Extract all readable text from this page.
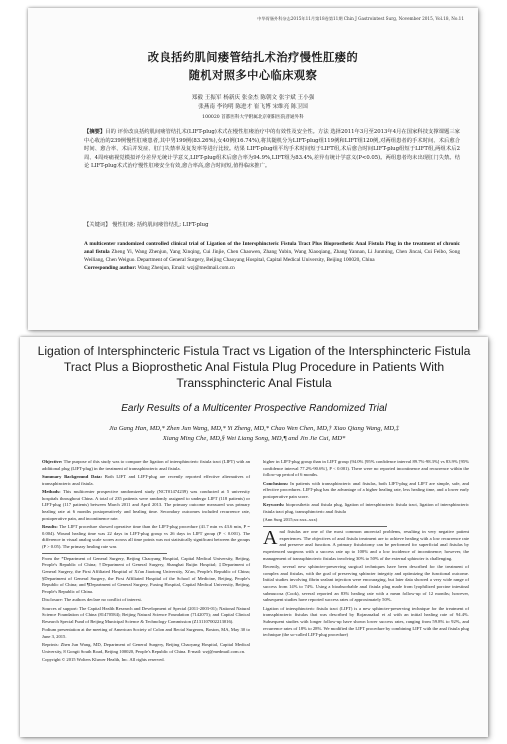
中华胃肠外科杂志2015年11月第18卷第11期 Chin J Gastrointest Surg, November 2015, Vol.18, No.11
改良括约肌间瘘管结扎术治疗慢性肛瘘的
随机对照多中心临床观察
郑毅 王振军 杨新庆 张金杰 陈朝文 张宇斌 王小强
张燕南 李钧明 陈进才 崔飞博 宋维亮 陈卫国
100020 首都医科大学附属北京朝阳医院普通外科
【摘要】目的 评价改良括约肌间瘘管结扎术(LIFT-plug)术式在慢性肛瘘治疗中的有效性及安全性。方法 选择2011年3月至2013年4月在国家科技支撑课题三家中心收治的239例慢性肛瘘患者,其中男199例(83.26%),女40例(16.74%),将其随机分为LIFT-plug组119例和LIFT组120例,对两组患者的手术时间、术后愈合时间、愈合率、术后并发症、肛门失禁率及复发率等进行比较。结果 LIFT-plug组平均手术时间短于LIFT组,术后愈合时间LIFT-plug组短于LIFT组,两组术后2周、4周疼痛视觉模拟评分差异无统计学意义,LIFT-plug组术后愈合率为94.9%,LIFT组为83.4%,差异有统计学意义(P<0.05)。两组患者均未出现肛门失禁。结论 LIFT-plug术式治疗慢性肛瘘安全有效,愈合率高,愈合时间短,值得临床推广。
【关键词】 慢性肛瘘; 括约肌间瘘管结扎; LIFT-plug
A multicenter randomized controlled clinical trial of Ligation of the Intersphincteric Fistula Tract Plus Bioprosthetic Anal Fistula Plug in the treatment of chronic anal fistula Zheng Yi, Wang Zhenjun, Yang Xinqing, Cui Jinjie, Chen Chaowen, Zhang Yubin, Wang Xiaoqiang, Zhang Yannan, Li Junming, Chen Jincai, Cui Feibo, Song Weiliang, Chen Weiguo. Department of General Surgery, Beijing Chaoyang Hospital, Capital Medical University, Beijing 100020, China
Corresponding author: Wang Zhenjun, Email: wzj@medmail.com.cn
Ligation of Intersphincteric Fistula Tract vs Ligation of the Intersphincteric Fistula Tract Plus a Bioprosthetic Anal Fistula Plug Procedure in Patients With Transsphincteric Anal Fistula
Early Results of a Multicenter Prospective Randomized Trial
Jia Gang Han, MD,* Zhen Jun Wang, MD,* Yi Zheng, MD,* Chao Wen Chen, MD,† Xiao Qiang Wang, MD,‡
Xiang Ming Che, MD,§ Wei Liang Song, MD,¶ and Jin Jie Cui, MD*

Objective: The purpose of this study was to compare the ligation of intersphincteric fistula tract (LIFT) with an additional plug (LIFT-plug) in the treatment of transsphincteric anal fistula.

Summary Background Data: Both LIFT and LIFT-plug are recently reported effective alternatives of transsphincteric anal fistula.

Methods: This multicenter prospective randomized study (NCT01474239) was conducted at 5 university hospitals throughout China. A total of 235 patients were randomly assigned to undergo LIFT (118 patients) or LIFT-plug (117 patients) between March 2011 and April 2013. The primary outcome measured was primary healing rate at 6 months postoperatively and healing time. Secondary outcomes included recurrence rate, postoperative pain, and incontinence rate.

Results: The LIFT procedure showed operative time than the LIFT-plug procedure (41.7 min vs 43.6 min, P = 0.004). Wound healing time was 22 days in LIFT-plug group vs 26 days in LIFT group (P < 0.001). The difference in visual analog scale scores across all time points was not statistically significant between the groups (P > 0.05). The primary healing rate was

From the *Department of General Surgery, Beijing Chaoyang Hospital, Capital Medical University, Beijing, People's Republic of China; †Department of General Surgery, Shanghai Ruijin Hospital; ‡Department of General Surgery, the First Affiliated Hospital of Xi'an Jiaotong University, Xi'an, People's Republic of China; §Department of General Surgery, the First Affiliated Hospital of the School of Medicine, Beijing, People's Republic of China; and ¶Department of General Surgery, Fuxing Hospital, Capital Medical University, Beijing, People's Republic of China.

Disclosure: The authors declare no conflict of interest.

Sources of support: The Capital Health Research and Development of Special (2011-2003-01); National Natural Science Foundation of China (81470584); Beijing Natural Science Foundation (7142075); and Capital Clinical Research Special Fund of Beijing Municipal Science & Technology Commission (Z131107002213016).

Podium presentation at the meeting of American Society of Colon and Rectal Surgeons, Boston, MA, May 30 to June 3, 2015.

Reprints: Zhen Jun Wang, MD, Department of General Surgery, Beijing Chaoyang Hospital, Capital Medical University, 8 Gongti South Road, Beijing 100020, People's Republic of China. E-mail: wzj@medmail.com.cn.

Copyright © 2015 Wolters Kluwer Health, Inc. All rights reserved.

higher in LIFT-plug group than in LIFT group (94.0% [95% confidence interval 89.7%-98.3%] vs 83.9% [95% confidence interval 77.2%-90.6%], P < 0.001). There were no reported incontinence and recurrence within the follow-up period of 6 months.

Conclusions: In patients with transsphincteric anal fistulas, both LIFT-plug and LIFT are simple, safe, and effective procedures. LIFT-plug has the advantage of a higher healing rate, less healing time, and a lower early postoperative pain score.

Keywords: bioprosthetic anal fistula plug, ligation of intersphincteric fistula tract, ligation of intersphincteric fistula tract plug, transsphincteric anal fistula

(Ann Surg 2015;xx:xxx–xxx)

Anal fistulas are one of the most common anorectal problems, resulting in very negative patient experiences. The objectives of anal fistula treatment are to achieve healing with a low recurrence rate and preserve anal function. A primary fistulotomy can be performed for superficial anal fistulas by experienced surgeons with a success rate up to 100% and a low incidence of incontinence; however, the management of transsphincteric fistulas involving 30% to 50% of the external sphincter is challenging.

Recently, several new sphincter-preserving surgical techniques have been described for the treatment of complex anal fistulas, with the goal of preserving sphincter integrity and optimizing the functional outcome. Initial studies involving fibrin sealant injection were encouraging, but later data showed a very wide range of success from 14% to 74%. Using a bioabsorbable anal fistula plug made from lyophilized porcine intestinal submucosa (Cook), several reported an 83% healing rate with a mean follow-up of 12 months; however, subsequent studies have reported success rates of approximately 50%.

Ligation of intersphincteric fistula tract (LIFT) is a new sphincter-preserving technique for the treatment of transsphincteric fistulas that was described by Rojanasakul et al with an initial healing rate of 94.4%. Subsequent studies with longer follow-up have shown lower success rates, ranging from 59.8% to 92%, and recurrence rates of 18% to 28%. We modified the LIFT procedure by combining LIFT with the anal fistula plug technique (the so-called LIFT-plug procedure)
